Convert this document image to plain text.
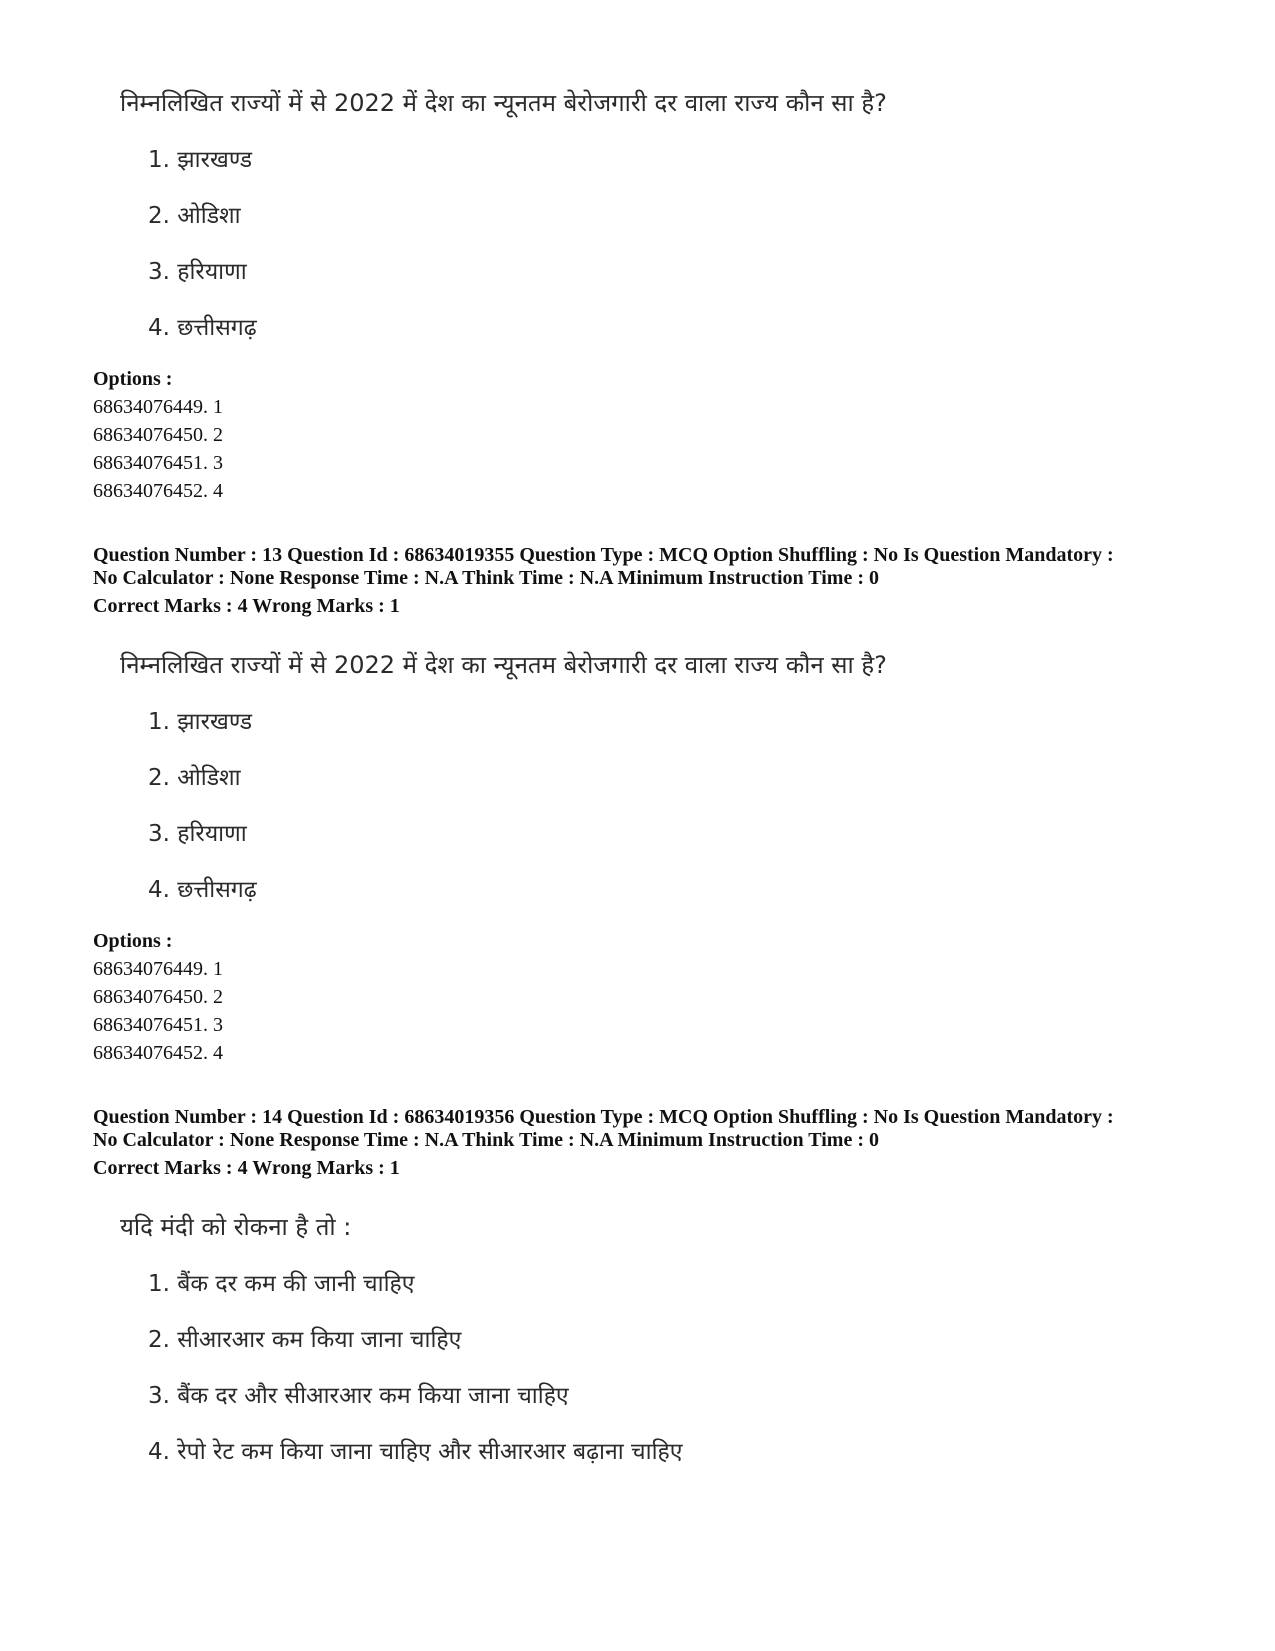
निम्नलिखित राज्यों में से 2022 में देश का न्यूनतम बेरोजगारी दर वाला राज्य कौन सा है?
1. झारखण्ड
2. ओडिशा
3. हरियाणा
4. छत्तीसगढ़
Options :
68634076449. 1
68634076450. 2
68634076451. 3
68634076452. 4
Question Number : 13 Question Id : 68634019355 Question Type : MCQ Option Shuffling : No Is Question Mandatory :
No Calculator : None Response Time : N.A Think Time : N.A Minimum Instruction Time : 0
Correct Marks : 4 Wrong Marks : 1
निम्नलिखित राज्यों में से 2022 में देश का न्यूनतम बेरोजगारी दर वाला राज्य कौन सा है?
1. झारखण्ड
2. ओडिशा
3. हरियाणा
4. छत्तीसगढ़
Options :
68634076449. 1
68634076450. 2
68634076451. 3
68634076452. 4
Question Number : 14 Question Id : 68634019356 Question Type : MCQ Option Shuffling : No Is Question Mandatory :
No Calculator : None Response Time : N.A Think Time : N.A Minimum Instruction Time : 0
Correct Marks : 4 Wrong Marks : 1
यदि मंदी को रोकना है तो :
1. बैंक दर कम की जानी चाहिए
2. सीआरआर कम किया जाना चाहिए
3. बैंक दर और सीआरआर कम किया जाना चाहिए
4. रेपो रेट कम किया जाना चाहिए और सीआरआर बढ़ाना चाहिए
